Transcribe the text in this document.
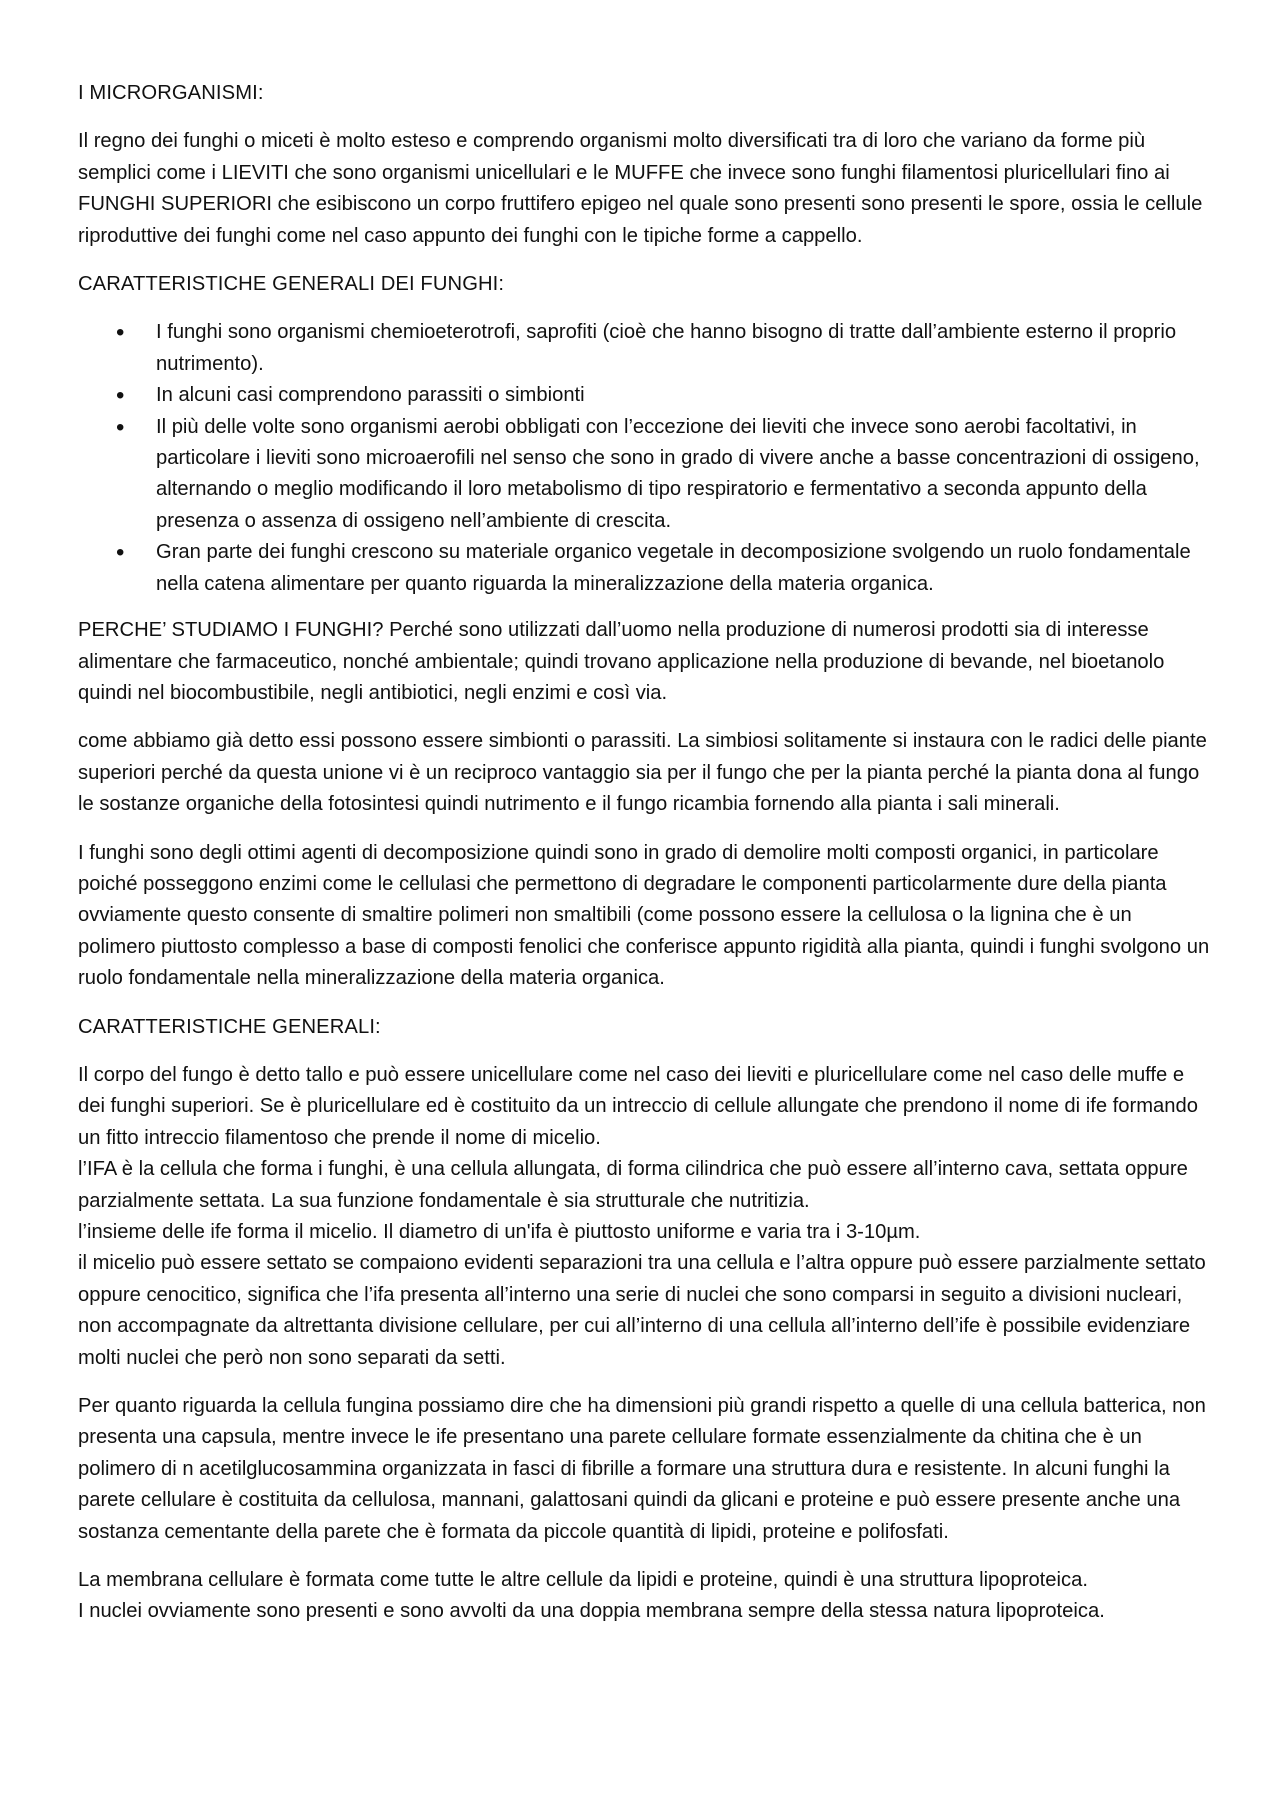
I MICRORGANISMI:

Il regno dei funghi o miceti è molto esteso e comprendo organismi molto diversificati tra di loro che variano da forme più semplici come i LIEVITI che sono organismi unicellulari e le MUFFE che invece sono funghi filamentosi pluricellulari fino ai FUNGHI SUPERIORI che esibiscono un corpo fruttifero epigeo nel quale sono presenti sono presenti le spore, ossia le cellule riproduttive dei funghi come nel caso appunto dei funghi con le tipiche forme a cappello.

CARATTERISTICHE GENERALI DEI FUNGHI:
• I funghi sono organismi chemioeterotrofi, saprofiti (cioè che hanno bisogno di tratte dall’ambiente esterno il proprio nutrimento).
• In alcuni casi comprendono parassiti o simbionti
• Il più delle volte sono organismi aerobi obbligati con l’eccezione dei lieviti che invece sono aerobi facoltativi, in particolare i lieviti sono microaerofili nel senso che sono in grado di vivere anche a basse concentrazioni di ossigeno, alternando o meglio modificando il loro metabolismo di tipo respiratorio e fermentativo a seconda appunto della presenza o assenza di ossigeno nell’ambiente di crescita.
• Gran parte dei funghi crescono su materiale organico vegetale in decomposizione svolgendo un ruolo fondamentale nella catena alimentare per quanto riguarda la mineralizzazione della materia organica.

PERCHE’ STUDIAMO I FUNGHI? Perché sono utilizzati dall’uomo nella produzione di numerosi prodotti sia di interesse alimentare che farmaceutico, nonché ambientale; quindi trovano applicazione nella produzione di bevande, nel bioetanolo quindi nel biocombustibile, negli antibiotici, negli enzimi e così via.

come abbiamo già detto essi possono essere simbionti o parassiti. La simbiosi solitamente si instaura con le radici delle piante superiori perché da questa unione vi è un reciproco vantaggio sia per il fungo che per la pianta perché la pianta dona al fungo le sostanze organiche della fotosintesi quindi nutrimento e il fungo ricambia fornendo alla pianta i sali minerali.

I funghi sono degli ottimi agenti di decomposizione quindi sono in grado di demolire molti composti organici, in particolare poiché posseggono enzimi come le cellulasi che permettono di degradare le componenti particolarmente dure della pianta ovviamente questo consente di smaltire polimeri non smaltibili (come possono essere la cellulosa o la lignina che è un polimero piuttosto complesso a base di composti fenolici che conferisce appunto rigidità alla pianta, quindi i funghi svolgono un ruolo fondamentale nella mineralizzazione della materia organica.

CARATTERISTICHE GENERALI:

Il corpo del fungo è detto tallo e può essere unicellulare come nel caso dei lieviti e pluricellulare come nel caso delle muffe e dei funghi superiori. Se è pluricellulare ed è costituito da un intreccio di cellule allungate che prendono il nome di ife formando un fitto intreccio filamentoso che prende il nome di micelio.
l’IFA è la cellula che forma i funghi, è una cellula allungata, di forma cilindrica che può essere all’interno cava, settata oppure parzialmente settata. La sua funzione fondamentale è sia strutturale che nutritizia.
l’insieme delle ife forma il micelio. Il diametro di un'ifa è piuttosto uniforme e varia tra i 3-10µm.
il micelio può essere settato se compaiono evidenti separazioni tra una cellula e l’altra oppure può essere parzialmente settato oppure cenocitico, significa che l’ifa presenta all’interno una serie di nuclei che sono comparsi in seguito a divisioni nucleari, non accompagnate da altrettanta divisione cellulare, per cui all’interno di una cellula all’interno dell’ife è possibile evidenziare molti nuclei che però non sono separati da setti.

Per quanto riguarda la cellula fungina possiamo dire che ha dimensioni più grandi rispetto a quelle di una cellula batterica, non presenta una capsula, mentre invece le ife presentano una parete cellulare formate essenzialmente da chitina che è un polimero di n acetilglucosammina organizzata in fasci di fibrille a formare una struttura dura e resistente. In alcuni funghi la parete cellulare è costituita da cellulosa, mannani, galattosani quindi da glicani e proteine e può essere presente anche una sostanza cementante della parete che è formata da piccole quantità di lipidi, proteine e polifosfati.

La membrana cellulare è formata come tutte le altre cellule da lipidi e proteine, quindi è una struttura lipoproteica.
I nuclei ovviamente sono presenti e sono avvolti da una doppia membrana sempre della stessa natura lipoproteica.
